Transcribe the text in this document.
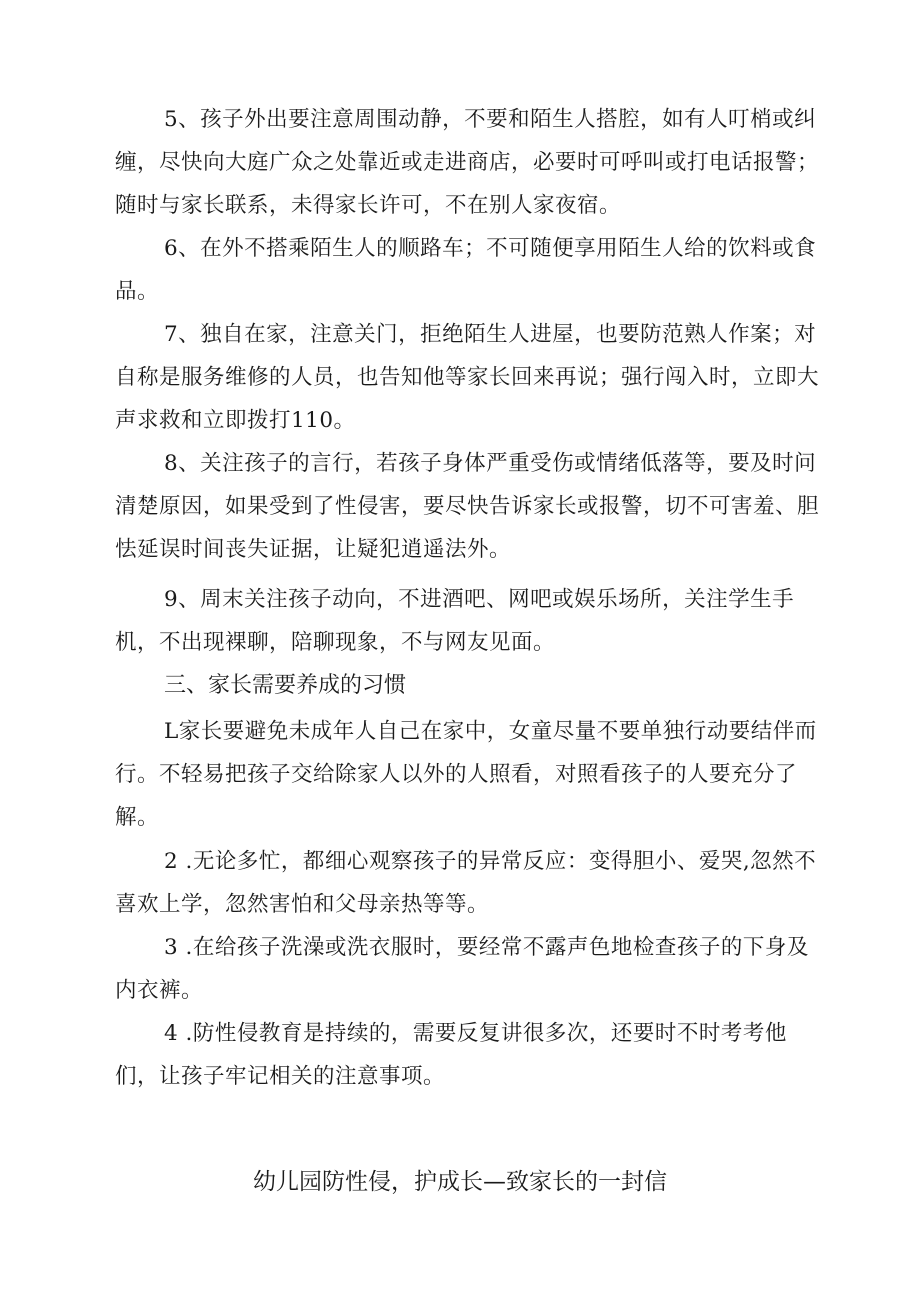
5、孩子外出要注意周围动静，不要和陌生人搭腔，如有人叮梢或纠缠，尽快向大庭广众之处靠近或走进商店，必要时可呼叫或打电话报警；随时与家长联系，未得家长许可，不在别人家夜宿。

6、在外不搭乘陌生人的顺路车；不可随便享用陌生人给的饮料或食品。

7、独自在家，注意关门，拒绝陌生人进屋，也要防范熟人作案；对自称是服务维修的人员，也告知他等家长回来再说；强行闯入时，立即大声求救和立即拨打110。

8、关注孩子的言行，若孩子身体严重受伤或情绪低落等，要及时问清楚原因，如果受到了性侵害，要尽快告诉家长或报警，切不可害羞、胆怯延误时间丧失证据，让疑犯逍遥法外。

9、周末关注孩子动向，不进酒吧、网吧或娱乐场所，关注学生手机，不出现裸聊，陪聊现象，不与网友见面。

三、家长需要养成的习惯

L家长要避免未成年人自己在家中，女童尽量不要单独行动要结伴而行。不轻易把孩子交给除家人以外的人照看，对照看孩子的人要充分了解。

2 .无论多忙，都细心观察孩子的异常反应：变得胆小、爱哭,忽然不喜欢上学，忽然害怕和父母亲热等等。

3 .在给孩子洗澡或洗衣服时，要经常不露声色地检查孩子的下身及内衣裤。

4 .防性侵教育是持续的，需要反复讲很多次，还要时不时考考他们，让孩子牢记相关的注意事项。

幼儿园防性侵，护成长—致家长的一封信
